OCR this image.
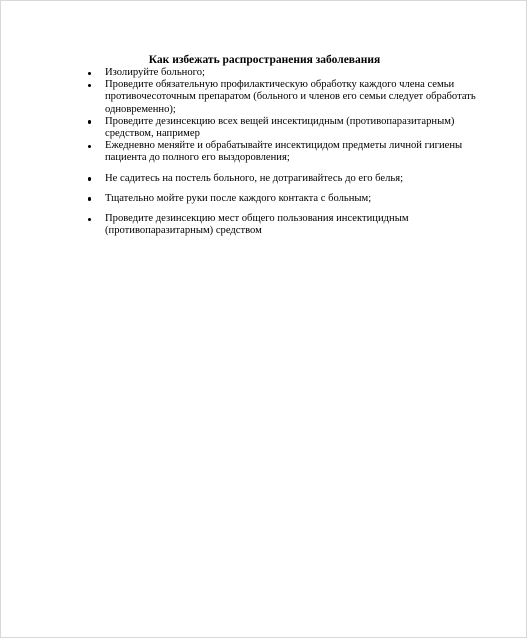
Как избежать распространения заболевания
Изолируйте больного;
Проведите обязательную профилактическую обработку каждого члена семьи противочесоточным препаратом (больного и членов его семьи следует обработать одновременно);
Проведите дезинсекцию всех вещей инсектицидным (противопаразитарным) средством, например
Ежедневно меняйте и обрабатывайте инсектицидом предметы личной гигиены пациента до полного его выздоровления;
Не садитесь на постель больного, не дотрагивайтесь до его белья;
Тщательно мойте руки после каждого контакта с больным;
Проведите дезинсекцию мест общего пользования инсектицидным (противопаразитарным) средством
